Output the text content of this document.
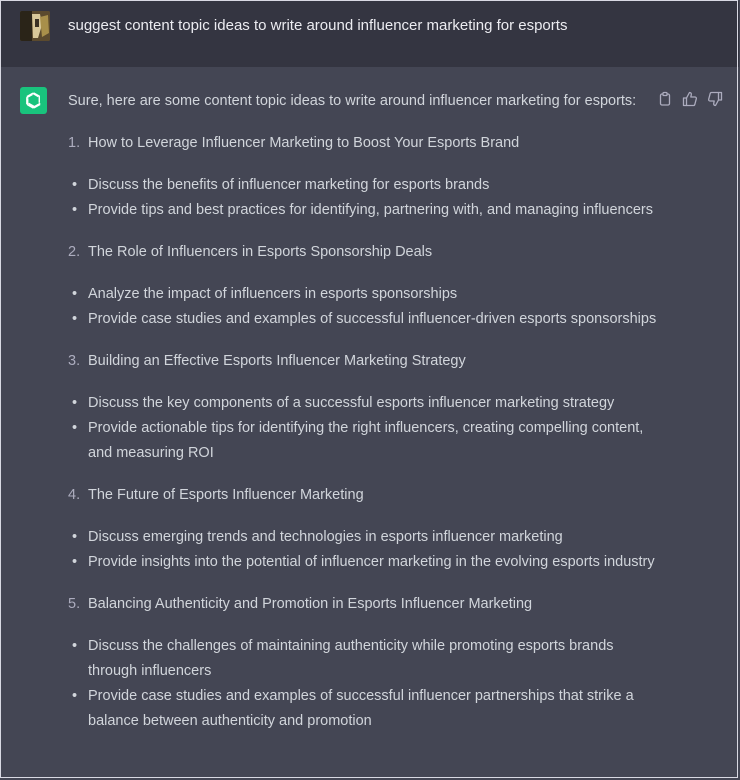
suggest content topic ideas to write around influencer marketing for esports

Sure, here are some content topic ideas to write around influencer marketing for esports:

1. How to Leverage Influencer Marketing to Boost Your Esports Brand
• Discuss the benefits of influencer marketing for esports brands
• Provide tips and best practices for identifying, partnering with, and managing influencers
2. The Role of Influencers in Esports Sponsorship Deals
• Analyze the impact of influencers in esports sponsorships
• Provide case studies and examples of successful influencer-driven esports sponsorships
3. Building an Effective Esports Influencer Marketing Strategy
• Discuss the key components of a successful esports influencer marketing strategy
• Provide actionable tips for identifying the right influencers, creating compelling content, and measuring ROI
4. The Future of Esports Influencer Marketing
• Discuss emerging trends and technologies in esports influencer marketing
• Provide insights into the potential of influencer marketing in the evolving esports industry
5. Balancing Authenticity and Promotion in Esports Influencer Marketing
• Discuss the challenges of maintaining authenticity while promoting esports brands through influencers
• Provide case studies and examples of successful influencer partnerships that strike a balance between authenticity and promotion
